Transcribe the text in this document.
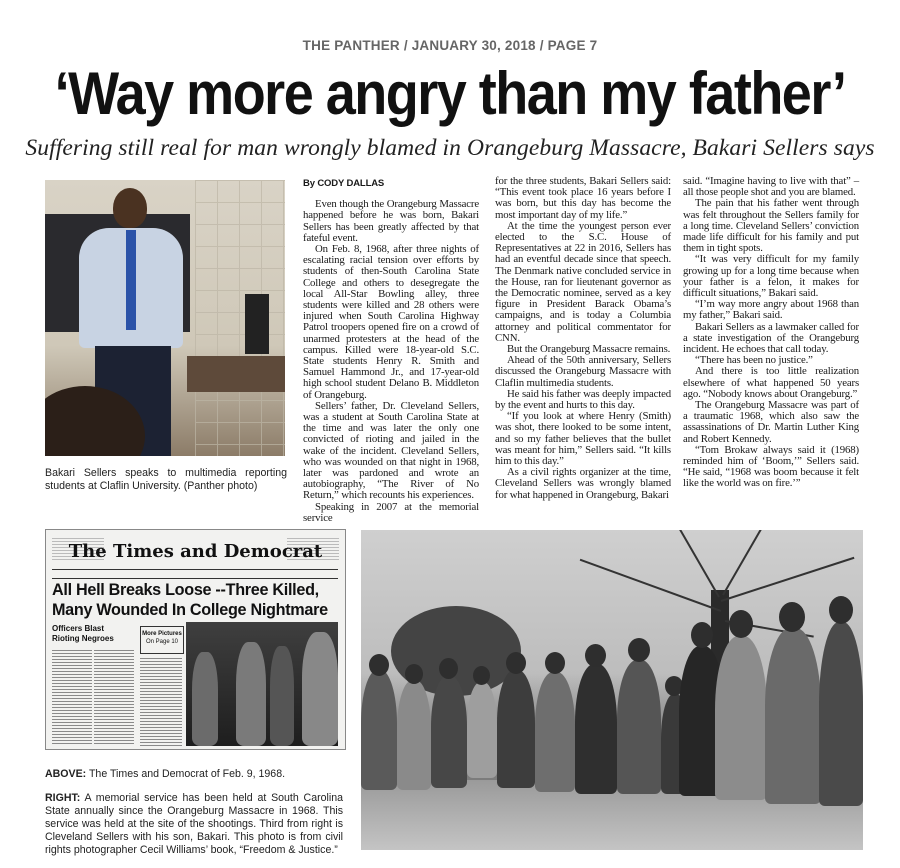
THE PANTHER / JANUARY 30, 2018 / PAGE 7
‘Way more angry than my father’
Suffering still real for man wrongly blamed in Orangeburg Massacre, Bakari Sellers says
Bakari Sellers speaks to multimedia reporting students at Claflin University. (Panther photo)
By CODY DALLAS

Even though the Orangeburg Massacre happened before he was born, Bakari Sellers has been greatly affected by that fateful event.

On Feb. 8, 1968, after three nights of escalating racial tension over efforts by students of then-South Carolina State College and others to desegregate the local All-Star Bowling alley, three students were killed and 28 others were injured when South Carolina Highway Patrol troopers opened fire on a crowd of unarmed protesters at the head of the campus. Killed were 18-year-old S.C. State students Henry R. Smith and Samuel Hammond Jr., and 17-year-old high school student Delano B. Middleton of Orangeburg.

Sellers’ father, Dr. Cleveland Sellers, was a student at South Carolina State at the time and was later the only one convicted of rioting and jailed in the wake of the incident. Cleveland Sellers, who was wounded on that night in 1968, later was pardoned and wrote an autobiography, “The River of No Return,” which recounts his experiences.

Speaking in 2007 at the memorial service

for the three students, Bakari Sellers said: “This event took place 16 years before I was born, but this day has become the most important day of my life.”

At the time the youngest person ever elected to the S.C. House of Representatives at 22 in 2016, Sellers has had an eventful decade since that speech. The Denmark native concluded service in the House, ran for lieutenant governor as the Democratic nominee, served as a key figure in President Barack Obama’s campaigns, and is today a Columbia attorney and political commentator for CNN.

But the Orangeburg Massacre remains.

Ahead of the 50th anniversary, Sellers discussed the Orangeburg Massacre with Claflin multimedia students.

He said his father was deeply impacted by the event and hurts to this day.

“If you look at where Henry (Smith) was shot, there looked to be some intent, and so my father believes that the bullet was meant for him,” Sellers said. “It kills him to this day.”

As a civil rights organizer at the time, Cleveland Sellers was wrongly blamed for what happened in Orangeburg, Bakari

said. “Imagine having to live with that” – all those people shot and you are blamed.

The pain that his father went through was felt throughout the Sellers family for a long time. Cleveland Sellers’ conviction made life difficult for his family and put them in tight spots.

“It was very difficult for my family growing up for a long time because when your father is a felon, it makes for difficult situations,” Bakari said.

“I’m way more angry about 1968 than my father,” Bakari said.

Bakari Sellers as a lawmaker called for a state investigation of the Orangeburg incident. He echoes that call today.

“There has been no justice.”

And there is too little realization elsewhere of what happened 50 years ago. “Nobody knows about Orangeburg.”

The Orangeburg Massacre was part of a traumatic 1968, which also saw the assassinations of Dr. Martin Luther King and Robert Kennedy.

“Tom Brokaw always said it (1968) reminded him of ‘Boom,’” Sellers said. “He said, “1968 was boom because it felt like the world was on fire.’”

The Times and Democrat
All Hell Breaks Loose --Three Killed,
Many Wounded In College Nightmare
Officers Blast
Rioting Negroes	More Pictures
On Page 10

ABOVE: The Times and Democrat of Feb. 9, 1968.

RIGHT: A memorial service has been held at South Carolina State annually since the Orangeburg Massacre in 1968. This service was held at the site of the shootings. Third from right is Cleveland Sellers with his son, Bakari. This photo is from civil rights photographer Cecil Williams’ book, “Freedom & Justice.”
